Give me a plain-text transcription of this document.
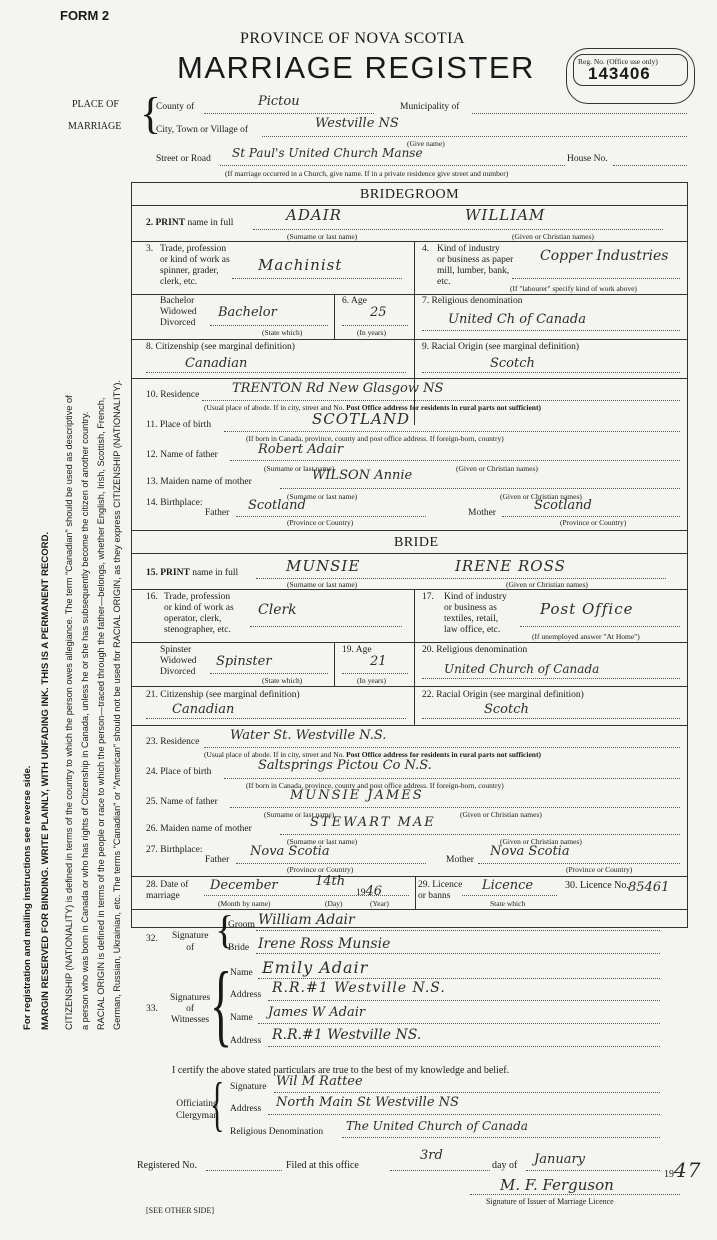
For registration and mailing instructions see reverse side. MARGIN RESERVED FOR BINDING. WRITE PLAINLY, WITH UNFADING INK. THIS IS A PERMANENT RECORD. CITIZENSHIP (NATIONALITY) is defined in terms of the country to which the person owes allegiance. The term "Canadian" should be used as descriptive of a person who was born in Canada or who has rights of Citizenship in Canada, unless he or she has subsequently become the citizen of another country. RACIAL ORIGIN is defined in terms of the people or race to which the person—traced through the father—belongs, whether English, Irish, Scottish, French, German, Russian, Ukrainian, etc. The terms "Canadian" or "American" should not be used for RACIAL ORIGIN, as they express CITIZENSHIP (NATIONALITY).
FORM 2
PROVINCE OF NOVA SCOTIA
MARRIAGE REGISTER	Reg. No. (Office use only)
143406
PLACE OF
MARRIAGE {
County of	Pictou	Municipality of
City, Town or Village of	Westville NS
(Give name)
Street or Road St Paul's United Church Manse	House No.
(If marriage occurred in a Church, give name. If in a private residence give street and number)
BRIDEGROOM
2. PRINT name in full	ADAIR	WILLIAM
(Surname or last name)	(Given or Christian names)
3. Trade, profession
or kind of work as
spinner, grader,
clerk, etc.
Machinist
4. Kind of industry
or business as paper
mill, lumber, bank,
etc.
Copper Industries
(If "labourer" specify kind of work above)
Bachelor
Widowed
Divorced
Bachelor
(State which)
6. Age
25
(In years)
7. Religious denomination
United Ch of Canada
8. Citizenship (see marginal definition)
Canadian
9. Racial Origin (see marginal definition)
Scotch
10. Residence	TRENTON Rd New Glasgow NS
(Usual place of abode. If in city, street and No. Post Office address for residents in rural parts not sufficient)
11. Place of birth	SCOTLAND
(If born in Canada, province, county and post office address. If foreign-born, country)
12. Name of father	Robert Adair
(Surname or last name)	(Given or Christian names)
13. Maiden name of mother	WILSON Annie
(Surname or last name)	(Given or Christian names)
14. Birthplace:
Father Scotland	Mother	Scotland
(Province or Country)	(Province or Country)
BRIDE
15. PRINT name in full	MUNSIE	IRENE ROSS
(Surname or last name)	(Given or Christian names)
16. Trade, profession
or kind of work as
operator, clerk,
stenographer, etc.
Clerk
17. Kind of industry
or business as
textiles, retail,
law office, etc.
Post Office
(If unemployed answer "At Home")
Spinster
Widowed
Divorced
Spinster
(State which)
19. Age
21
(In years)
20. Religious denomination
United Church of Canada
21. Citizenship (see marginal definition)
Canadian
22. Racial Origin (see marginal definition)
Scotch
23. Residence Water St. Westville N.S.
(Usual place of abode. If in city, street and No. Post Office address for residents in rural parts not sufficient)
24. Place of birth	Saltsprings Pictou Co N.S.
(If born in Canada, province, county and post office address. If foreign-born, country)
25. Name of father	MUNSIE JAMES
(Surname or last name)	(Given or Christian names)
26. Maiden name of mother	STEWART MAE
(Surname or last name)	(Given or Christian names)
27. Birthplace:
Father
Nova Scotia
Mother
Nova Scotia
(Province or Country)	(Province or Country)
28. Date of
marriage
December	14th
1946
(Month by name)	(Day)	(Year)
29. Licence
or banns
Licence
State which
30. Licence No. 85461
32. Signature
of {
Groom William Adair
Bride Irene Ross Munsie
33.
Signatures
of
Witnesses {
Name Emily Adair
Address R.R.#1 Westville N.S.
Name James W Adair
Address R.R.#1 Westville NS.
I certify the above stated particulars are true to the best of my knowledge and belief.
Officiating
Clergyman
{ Signature Wil M Rattee
Address North Main St Westville NS
Religious Denomination The United Church of Canada
Registered No.	Filed at this office
3rd
day of January
1947
M. F. Ferguson
Signature of Issuer of Marriage Licence
[SEE OTHER SIDE]
